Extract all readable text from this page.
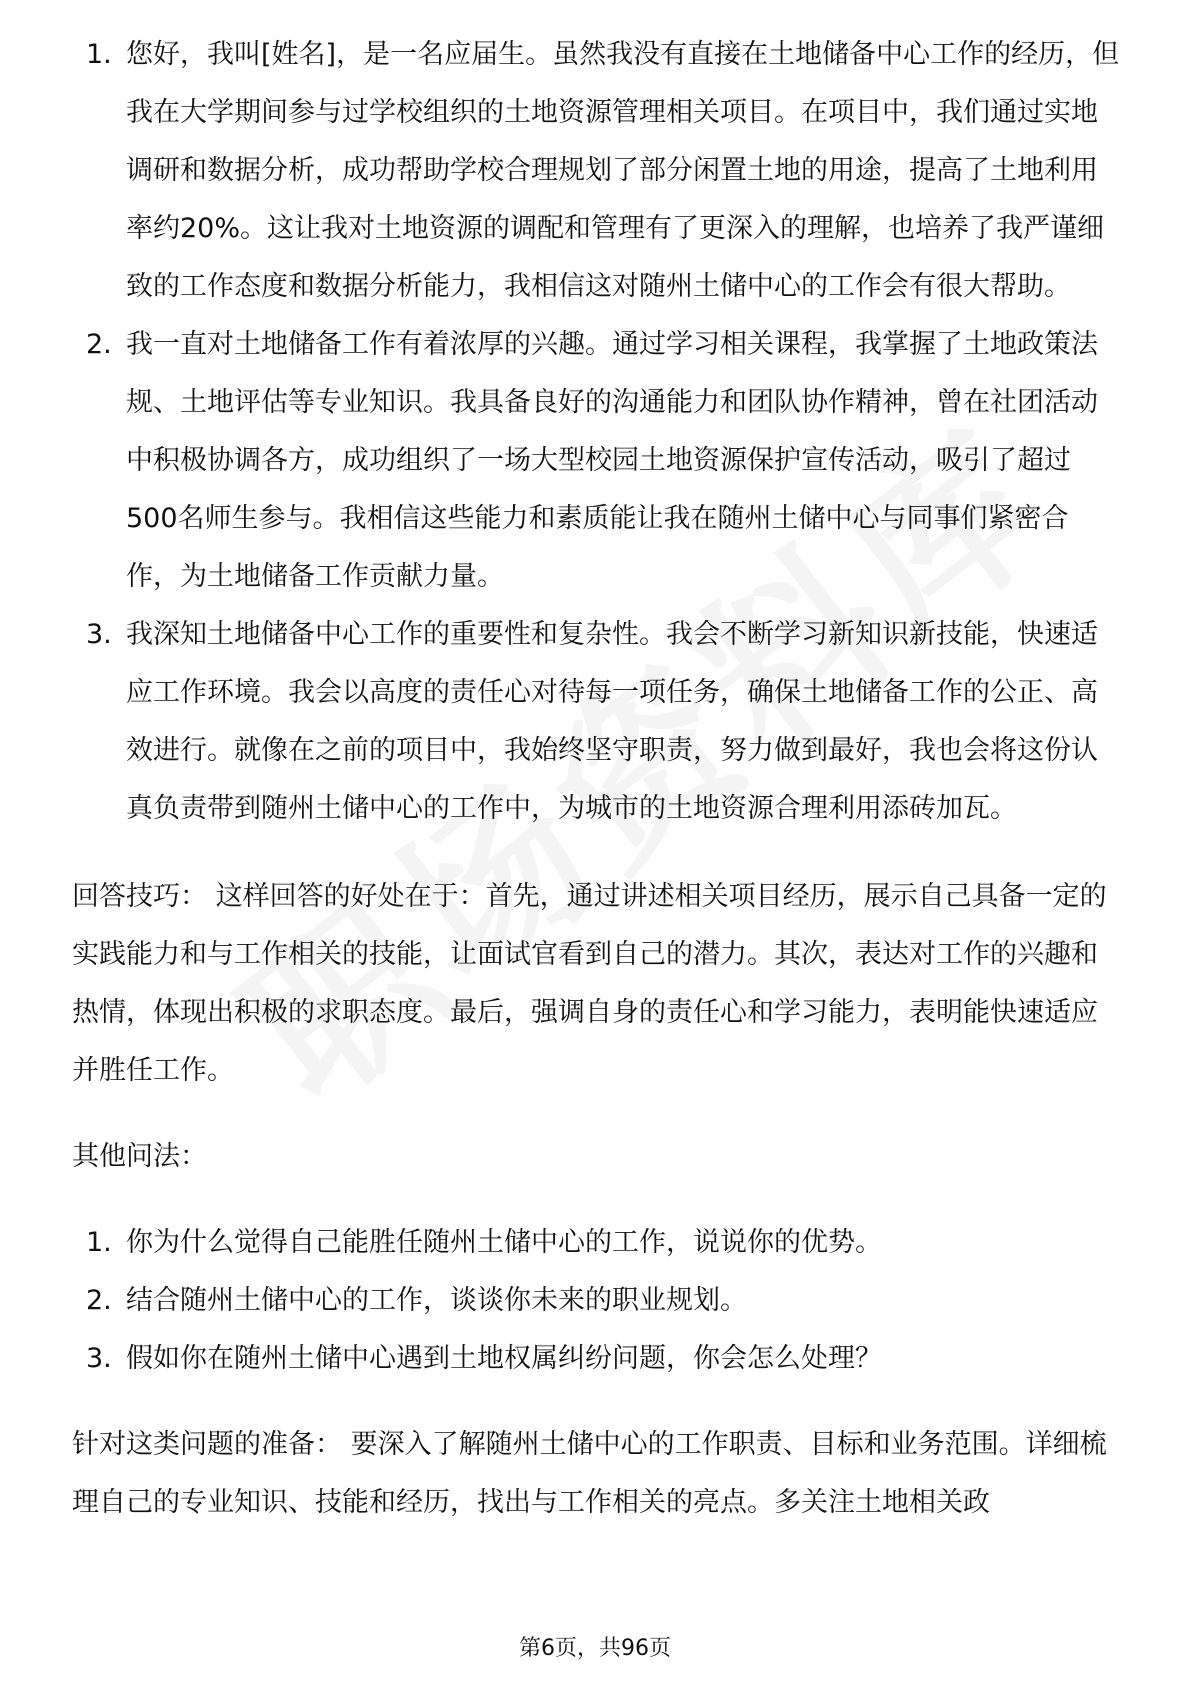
1. 您好，我叫[姓名]，是一名应届生。虽然我没有直接在土地储备中心工作的经历，但我在大学期间参与过学校组织的土地资源管理相关项目。在项目中，我们通过实地调研和数据分析，成功帮助学校合理规划了部分闲置土地的用途，提高了土地利用率约20%。这让我对土地资源的调配和管理有了更深入的理解，也培养了我严谨细致的工作态度和数据分析能力，我相信这对随州土储中心的工作会有很大帮助。
2. 我一直对土地储备工作有着浓厚的兴趣。通过学习相关课程，我掌握了土地政策法规、土地评估等专业知识。我具备良好的沟通能力和团队协作精神，曾在社团活动中积极协调各方，成功组织了一场大型校园土地资源保护宣传活动，吸引了超过500名师生参与。我相信这些能力和素质能让我在随州土储中心与同事们紧密合作，为土地储备工作贡献力量。
3. 我深知土地储备中心工作的重要性和复杂性。我会不断学习新知识新技能，快速适应工作环境。我会以高度的责任心对待每一项任务，确保土地储备工作的公正、高效进行。就像在之前的项目中，我始终坚守职责，努力做到最好，我也会将这份认真负责带到随州土储中心的工作中，为城市的土地资源合理利用添砖加瓦。

回答技巧： 这样回答的好处在于：首先，通过讲述相关项目经历，展示自己具备一定的实践能力和与工作相关的技能，让面试官看到自己的潜力。其次，表达对工作的兴趣和热情，体现出积极的求职态度。最后，强调自身的责任心和学习能力，表明能快速适应并胜任工作。

其他问法：

1. 你为什么觉得自己能胜任随州土储中心的工作，说说你的优势。
2. 结合随州土储中心的工作，谈谈你未来的职业规划。
3. 假如你在随州土储中心遇到土地权属纠纷问题，你会怎么处理？

针对这类问题的准备： 要深入了解随州土储中心的工作职责、目标和业务范围。详细梳理自己的专业知识、技能和经历，找出与工作相关的亮点。多关注土地相关政

第6页，共96页
